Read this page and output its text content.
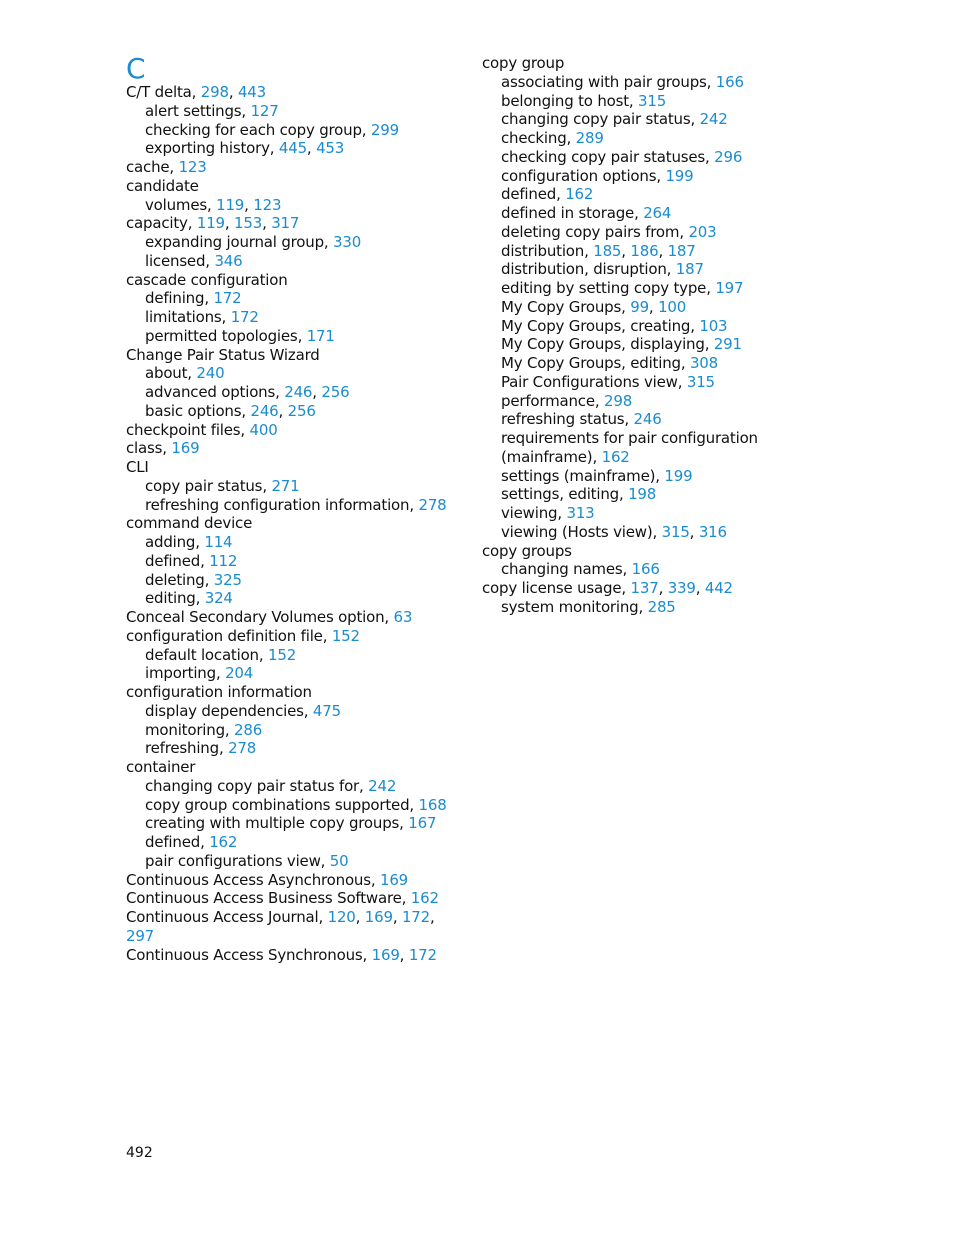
C
C/T delta, 298, 443
alert settings, 127
checking for each copy group, 299
exporting history, 445, 453
cache, 123
candidate
volumes, 119, 123
capacity, 119, 153, 317
expanding journal group, 330
licensed, 346
cascade configuration
defining, 172
limitations, 172
permitted topologies, 171
Change Pair Status Wizard
about, 240
advanced options, 246, 256
basic options, 246, 256
checkpoint files, 400
class, 169
CLI
copy pair status, 271
refreshing configuration information, 278
command device
adding, 114
defined, 112
deleting, 325
editing, 324
Conceal Secondary Volumes option, 63
configuration definition file, 152
default location, 152
importing, 204
configuration information
display dependencies, 475
monitoring, 286
refreshing, 278
container
changing copy pair status for, 242
copy group combinations supported, 168
creating with multiple copy groups, 167
defined, 162
pair configurations view, 50
Continuous Access Asynchronous, 169
Continuous Access Business Software, 162
Continuous Access Journal, 120, 169, 172,
297
Continuous Access Synchronous, 169, 172
copy group
associating with pair groups, 166
belonging to host, 315
changing copy pair status, 242
checking, 289
checking copy pair statuses, 296
configuration options, 199
defined, 162
defined in storage, 264
deleting copy pairs from, 203
distribution, 185, 186, 187
distribution, disruption, 187
editing by setting copy type, 197
My Copy Groups, 99, 100
My Copy Groups, creating, 103
My Copy Groups, displaying, 291
My Copy Groups, editing, 308
Pair Configurations view, 315
performance, 298
refreshing status, 246
requirements for pair configuration
(mainframe), 162
settings (mainframe), 199
settings, editing, 198
viewing, 313
viewing (Hosts view), 315, 316
copy groups
changing names, 166
copy license usage, 137, 339, 442
system monitoring, 285
492
